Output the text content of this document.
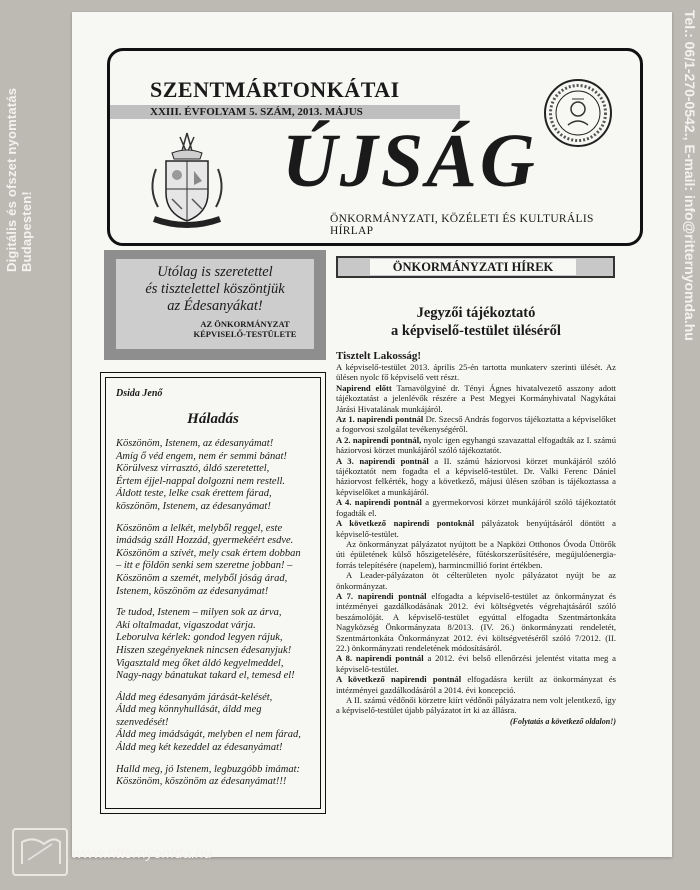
Digitális és ofszet nyomtatás Budapesten!	Tel.: 06/1-270-0542., E-mail: info@ritternyomda.hu
SZENTMÁRTONKÁTAI
XXIII. ÉVFOLYAM 5. SZÁM, 2013. MÁJUS
ÚJSÁG
ÖNKORMÁNYZATI, KÖZÉLETI ÉS KULTURÁLIS HÍRLAP
Utólag is szeretettel
és tisztelettel köszöntjük
az Édesanyákat!
AZ ÖNKORMÁNYZAT
KÉPVISELŐ-TESTÜLETE
Dsida Jenő
Háladás
Köszönöm, Istenem, az édesanyámat!
Amíg ő véd engem, nem ér semmi bánat!
Körülvesz virrasztó, áldó szeretettel,
Értem éjjel-nappal dolgozni nem restell.
Áldott teste, lelke csak érettem fárad,
köszönöm, Istenem, az édesanyámat!
Köszönöm a lelkét, melyből reggel, este
imádság száll Hozzád, gyermekéért esdve.
Köszönöm a szívét, mely csak értem dobban
– itt e földön senki sem szeretne jobban! –
Köszönöm a szemét, melyből jóság árad,
Istenem, köszönöm az édesanyámat!
Te tudod, Istenem – milyen sok az árva,
Aki oltalmadat, vigaszodat várja.
Leborulva kérlek: gondod legyen rájuk,
Hiszen szegényeknek nincsen édesanyjuk!
Vigasztald meg őket áldó kegyelmeddel,
Nagy-nagy bánatukat takard el, temesd el!
Áldd meg édesanyám járását-kelését,
Áldd meg könnyhullását, áldd meg
szenvedését!
Áldd meg imádságát, melyben el nem fárad,
Áldd meg két kezeddel az édesanyámat!
Halld meg, jó Istenem, legbuzgóbb imámat:
Köszönöm, köszönöm az édesanyámat!!!
ÖNKORMÁNYZATI HÍREK
Jegyzői tájékoztató
a képviselő-testület üléséről
Tisztelt Lakosság!

A képviselő-testület 2013. április 25-én tartotta munkaterv szerinti ülését. Az ülésen nyolc fő képviselő vett részt.

Napirend előtt Tarnavölgyiné dr. Tényi Ágnes hivatalvezető asszony adott tájékoztatást a jelenlévők részére a Pest Megyei Kormányhivatal Nagykátai Járási Hivatalának munkájáról.

Az 1. napirendi pontnál Dr. Szecső András fogorvos tájékoztatta a képviselőket a fogorvosi szolgálat tevékenységéről.

A 2. napirendi pontnál, nyolc igen egyhangú szavazattal elfogadták az I. számú háziorvosi körzet munkájáról szóló tájékoztatót.

A 3. napirendi pontnál a II. számú háziorvosi körzet munkájáról szóló tájékoztatót nem fogadta el a képviselő-testület. Dr. Valki Ferenc Dániel háziorvost felkérték, hogy a következő, májusi ülésen szóban is tájékoztassa a képviselőket a munkájáról.

A 4. napirendi pontnál a gyermekorvosi körzet munkájáról szóló tájékoztatót fogadták el.

A következő napirendi pontoknál pályázatok benyújtásáról döntött a képviselő-testület.

Az önkormányzat pályázatot nyújtott be a Napközi Otthonos Óvoda Üttörők úti épületének külső hőszigetelésére, fűtéskorszerűsítésére, megújulóenergia-forrás telepítésére (napelem), harmincmillió forint értékben.

A Leader-pályázaton öt célterületen nyolc pályázatot nyújt be az önkormányzat.

A 7. napirendi pontnál elfogadta a képviselő-testület az önkormányzat és intézményei gazdálkodásának 2012. évi költségvetés végrehajtásáról szóló beszámolóját. A képviselő-testület egyúttal elfogadta Szentmártonkáta Nagyközség Önkormányzata 8/2013. (IV. 26.) önkormányzati rendeletét, Szentmártonkáta Önkormányzat 2012. évi költségvetéséről szóló 7/2012. (II. 22.) önkormányzati rendeletének módosításáról.

A 8. napirendi pontnál a 2012. évi belső ellenőrzési jelentést vitatta meg a képviselő-testület.

A következő napirendi pontnál elfogadásra került az önkormányzat és intézményei gazdálkodásáról a 2014. évi koncepció.

A II. számú védőnői körzetre kiírt védőnői pályázatra nem volt jelentkező, így a képviselő-testület újabb pályázatot írt ki az állásra.

(Folytatás a következő oldalon!)
www.ritternyomda.hu
